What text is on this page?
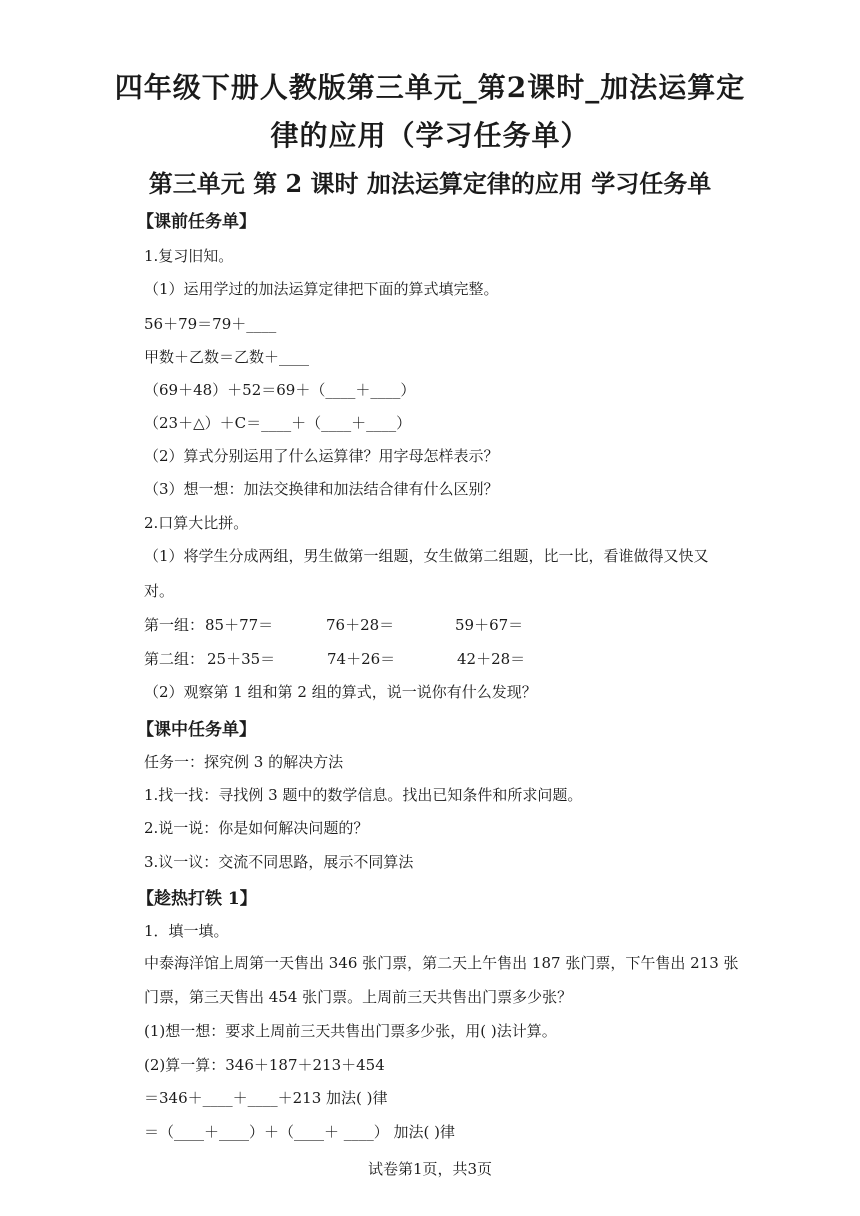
四年级下册人教版第三单元_第2课时_加法运算定
律的应用（学习任务单）
第三单元 第 2 课时 加法运算定律的应用 学习任务单
【课前任务单】
1.复习旧知。
（1）运用学过的加法运算定律把下面的算式填完整。
56＋79＝79＋____
甲数＋乙数＝乙数＋____
（69＋48）＋52＝69＋（____＋____）
（23＋△）＋C＝____＋（____＋____）
（2）算式分别运用了什么运算律？用字母怎样表示？
（3）想一想：加法交换律和加法结合律有什么区别？
2.口算大比拼。
（1）将学生分成两组，男生做第一组题，女生做第二组题，比一比，看谁做得又快又
对。
第一组： 85＋77＝	76＋28＝	59＋67＝
第二组： 25＋35＝	74＋26＝	42＋28＝
（2）观察第 1 组和第 2 组的算式，说一说你有什么发现？
【课中任务单】
任务一：探究例 3 的解决方法
1.找一找：寻找例 3 题中的数学信息。找出已知条件和所求问题。
2.说一说：你是如何解决问题的？
3.议一议：交流不同思路，展示不同算法
【趁热打铁 1】
1．填一填。
中泰海洋馆上周第一天售出 346 张门票，第二天上午售出 187 张门票，下午售出 213 张
门票，第三天售出 454 张门票。上周前三天共售出门票多少张？
(1)想一想：要求上周前三天共售出门票多少张，用( )法计算。
(2)算一算：346＋187＋213＋454
＝346＋____＋____＋213 加法( )律
＝（____＋____）＋（____＋ ____） 加法( )律
试卷第1页，共3页
